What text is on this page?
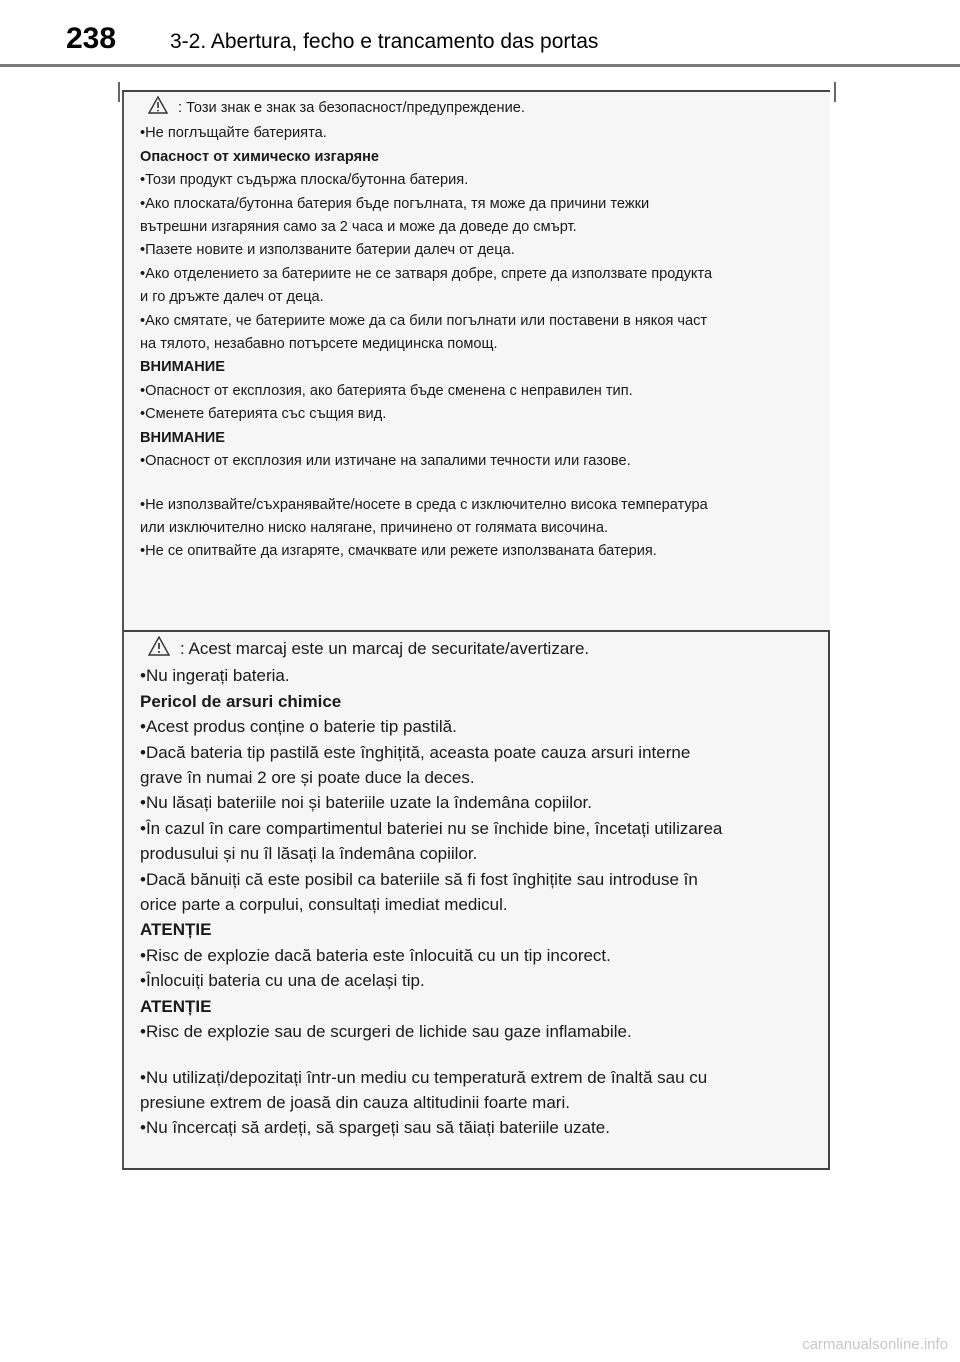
238	3-2. Abertura, fecho e trancamento das portas
: Този знак е знак за безопасност/предупреждение.
•Не поглъщайте батерията.
Опасност от химическо изгаряне
•Този продукт съдържа плоска/бутонна батерия.
•Ако плоската/бутонна батерия бъде погълната, тя може да причини тежки
вътрешни изгаряния само за 2 часа и може да доведе до смърт.
•Пазете новите и използваните батерии далеч от деца.
•Ако отделението за батериите не се затваря добре, спрете да използвате продукта
и го дръжте далеч от деца.
•Ако смятате, че батериите може да са били погълнати или поставени в някоя част
на тялото, незабавно потърсете медицинска помощ.
ВНИМАНИЕ
•Опасност от експлозия, ако батерията бъде сменена с неправилен тип.
•Сменете батерията със същия вид.
ВНИМАНИЕ
•Опасност от експлозия или изтичане на запалими течности или газове.
•Не използвайте/съхранявайте/носете в среда с изключително висока температура
или изключително ниско налягане, причинено от голямата височина.
•Не се опитвайте да изгаряте, смачквате или режете използваната батерия.
: Acest marcaj este un marcaj de securitate/avertizare.
•Nu ingerați bateria.
Pericol de arsuri chimice
•Acest produs conține o baterie tip pastilă.
•Dacă bateria tip pastilă este înghițită, aceasta poate cauza arsuri interne
grave în numai 2 ore și poate duce la deces.
•Nu lăsați bateriile noi și bateriile uzate la îndemâna copiilor.
•În cazul în care compartimentul bateriei nu se închide bine, încetați utilizarea
produsului și nu îl lăsați la îndemâna copiilor.
•Dacă bănuiți că este posibil ca bateriile să fi fost înghițite sau introduse în
orice parte a corpului, consultați imediat medicul.
ATENȚIE
•Risc de explozie dacă bateria este înlocuită cu un tip incorect.
•Înlocuiți bateria cu una de același tip.
ATENȚIE
•Risc de explozie sau de scurgeri de lichide sau gaze inflamabile.
•Nu utilizați/depozitați într-un mediu cu temperatură extrem de înaltă sau cu
presiune extrem de joasă din cauza altitudinii foarte mari.
•Nu încercați să ardeți, să spargeți sau să tăiați bateriile uzate.
carmanualsonline.info
